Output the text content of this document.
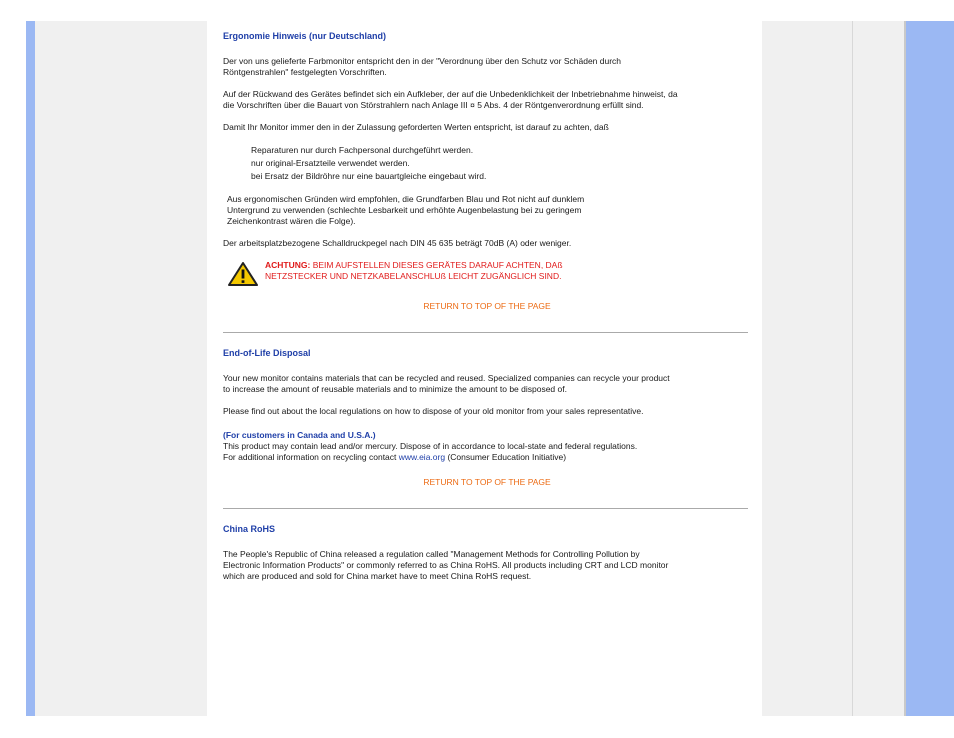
Ergonomie Hinweis (nur Deutschland)
Der von uns gelieferte Farbmonitor entspricht den in der "Verordnung über den Schutz vor Schäden durch
Röntgenstrahlen" festgelegten Vorschriften.
Auf der Rückwand des Gerätes befindet sich ein Aufkleber, der auf die Unbedenklichkeit der Inbetriebnahme hinweist, da
die Vorschriften über die Bauart von Störstrahlern nach Anlage III ¤ 5 Abs. 4 der Röntgenverordnung erfüllt sind.
Damit Ihr Monitor immer den in der Zulassung geforderten Werten entspricht, ist darauf zu achten, daß
Reparaturen nur durch Fachpersonal durchgeführt werden.
nur original-Ersatzteile verwendet werden.
bei Ersatz der Bildröhre nur eine bauartgleiche eingebaut wird.
Aus ergonomischen Gründen wird empfohlen, die Grundfarben Blau und Rot nicht auf dunklem
Untergrund zu verwenden (schlechte Lesbarkeit und erhöhte Augenbelastung bei zu geringem
Zeichenkontrast wären die Folge).
Der arbeitsplatzbezogene Schalldruckpegel nach DIN 45 635 beträgt 70dB (A) oder weniger.
ACHTUNG: BEIM AUFSTELLEN DIESES GERÄTES DARAUF ACHTEN, DAß
NETZSTECKER UND NETZKABELANSCHLUß LEICHT ZUGÄNGLICH SIND.

RETURN TO TOP OF THE PAGE

End-of-Life Disposal
Your new monitor contains materials that can be recycled and reused. Specialized companies can recycle your product
to increase the amount of reusable materials and to minimize the amount to be disposed of.
Please find out about the local regulations on how to dispose of your old monitor from your sales representative.
(For customers in Canada and U.S.A.)
This product may contain lead and/or mercury. Dispose of in accordance to local-state and federal regulations.
For additional information on recycling contact www.eia.org (Consumer Education Initiative)

RETURN TO TOP OF THE PAGE

China RoHS
The People's Republic of China released a regulation called "Management Methods for Controlling Pollution by
Electronic Information Products" or commonly referred to as China RoHS. All products including CRT and LCD monitor
which are produced and sold for China market have to meet China RoHS request.
